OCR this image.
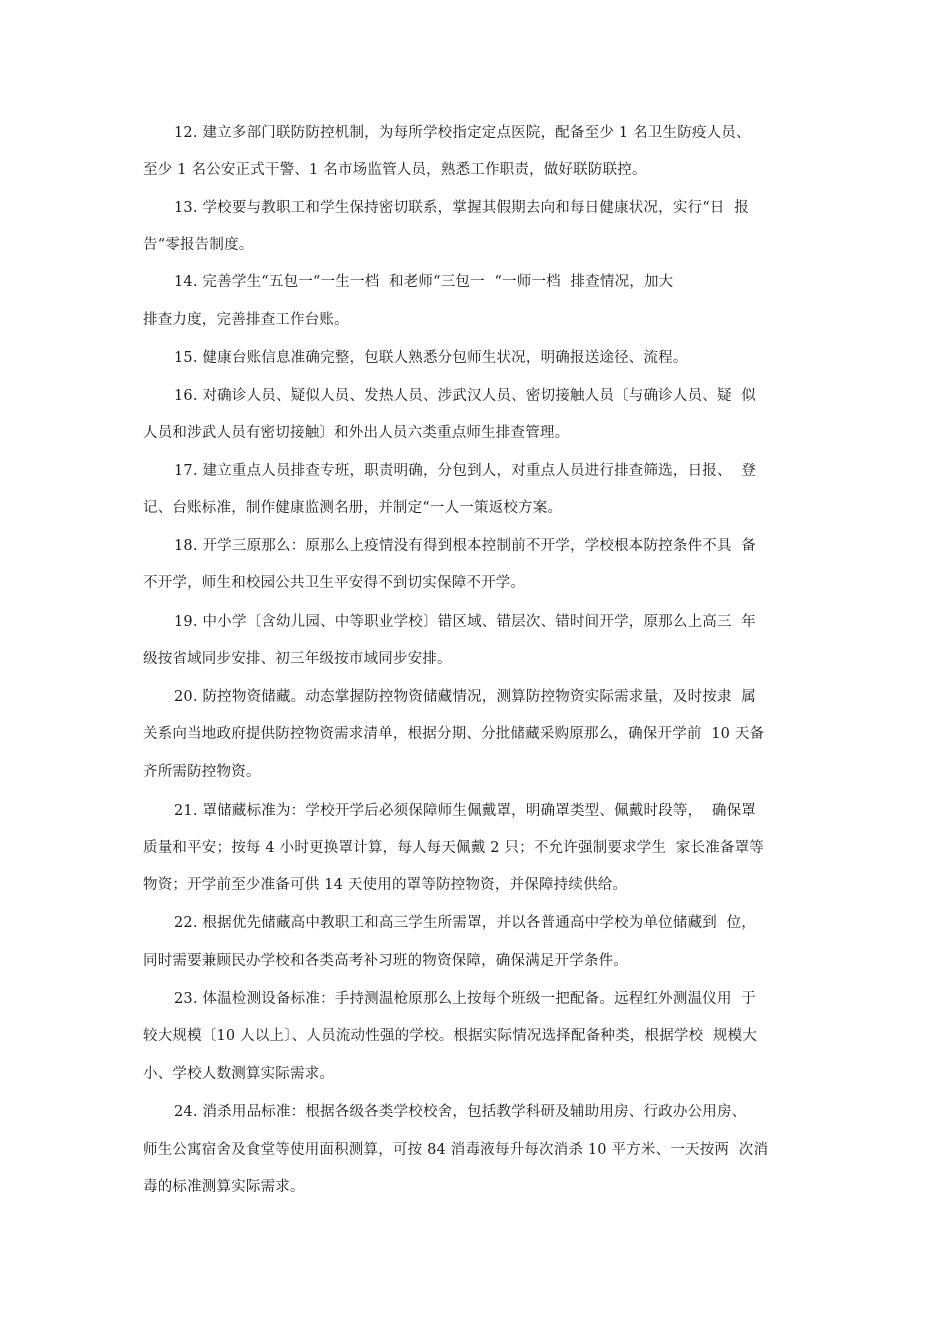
12. 建立多部门联防防控机制，为每所学校指定定点医院，配备至少 1 名卫生防疫人员、
至少 1 名公安正式干警、1 名市场监管人员，熟悉工作职责，做好联防联控。
13. 学校要与教职工和学生保持密切联系，掌握其假期去向和每日健康状况，实行“日  报
告“零报告制度。
14. 完善学生“五包一“一生一档  和老师“三包一  “一师一档  排查情况，加大
排查力度，完善排查工作台账。
15. 健康台账信息准确完整，包联人熟悉分包师生状况，明确报送途径、流程。
16. 对确诊人员、疑似人员、发热人员、涉武汉人员、密切接触人员〔与确诊人员、疑  似
人员和涉武人员有密切接触〕和外出人员六类重点师生排查管理。
17. 建立重点人员排查专班，职责明确，分包到人，对重点人员进行排查筛选，日报、  登
记、台账标准，制作健康监测名册，并制定“一人一策返校方案。
18. 开学三原那么：原那么上疫情没有得到根本控制前不开学，学校根本防控条件不具  备
不开学，师生和校园公共卫生平安得不到切实保障不开学。
19. 中小学〔含幼儿园、中等职业学校〕错区域、错层次、错时间开学，原那么上高三  年
级按省域同步安排、初三年级按市域同步安排。
20. 防控物资储藏。动态掌握防控物资储藏情况，测算防控物资实际需求量，及时按隶  属
关系向当地政府提供防控物资需求清单，根据分期、分批储藏采购原那么，确保开学前  10 天备
齐所需防控物资。
21. 罩储藏标准为：学校开学后必须保障师生佩戴罩，明确罩类型、佩戴时段等，  确保罩
质量和平安；按每 4 小时更换罩计算，每人每天佩戴 2 只；不允许强制要求学生  家长准备罩等
物资；开学前至少准备可供 14 天使用的罩等防控物资，并保障持续供给。
22. 根据优先储藏高中教职工和高三学生所需罩，并以各普通高中学校为单位储藏到  位，
同时需要兼顾民办学校和各类高考补习班的物资保障，确保满足开学条件。
23. 体温检测设备标准：手持测温枪原那么上按每个班级一把配备。远程红外测温仪用  于
较大规模〔10 人以上〕、人员流动性强的学校。根据实际情况选择配备种类，根据学校  规模大
小、学校人数测算实际需求。
24. 消杀用品标准：根据各级各类学校校舍，包括教学科研及辅助用房、行政办公用房、
师生公寓宿舍及食堂等使用面积测算，可按 84 消毒液每升每次消杀 10 平方米、一天按两  次消
毒的标准测算实际需求。
